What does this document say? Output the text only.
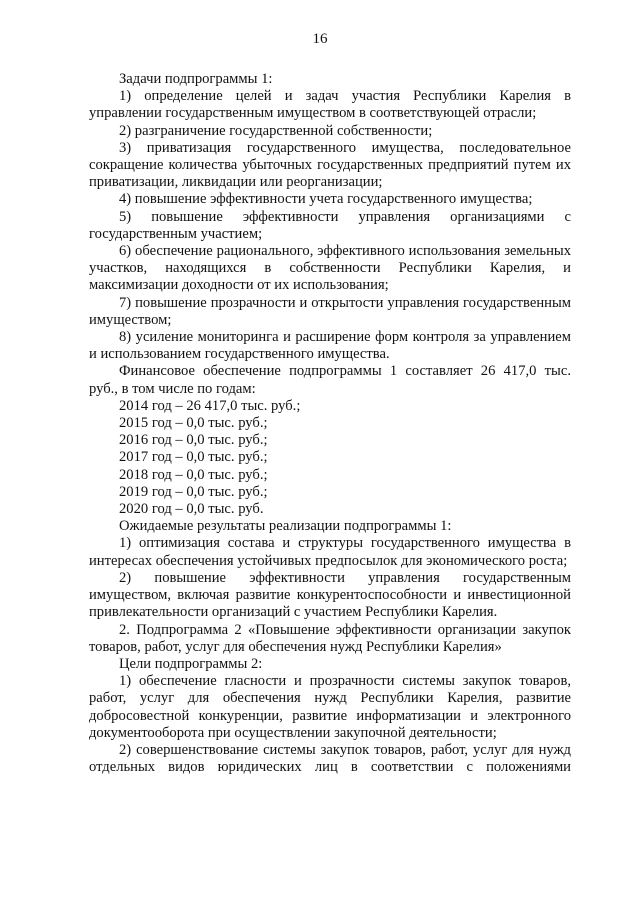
16

Задачи подпрограммы 1:

1) определение целей и задач участия Республики Карелия в управлении государственным имуществом в соответствующей отрасли;

2) разграничение государственной собственности;

3) приватизация государственного имущества, последовательное сокращение количества убыточных государственных предприятий путем их приватизации, ликвидации или реорганизации;

4) повышение эффективности учета государственного имущества;

5) повышение эффективности управления организациями с государственным участием;

6) обеспечение рационального, эффективного использования земельных участков, находящихся в собственности Республики Карелия, и максимизации доходности от их использования;

7) повышение прозрачности и открытости управления государственным имуществом;

8) усиление мониторинга и расширение форм контроля за управлением и использованием государственного имущества.

Финансовое обеспечение подпрограммы 1 составляет 26 417,0 тыс. руб., в том числе по годам:

2014 год – 26 417,0 тыс. руб.;

2015 год – 0,0 тыс. руб.;

2016 год – 0,0 тыс. руб.;

2017 год – 0,0 тыс. руб.;

2018 год – 0,0 тыс. руб.;

2019 год – 0,0 тыс. руб.;

2020 год – 0,0 тыс. руб.

Ожидаемые результаты реализации подпрограммы 1:

1) оптимизация состава и структуры государственного имущества в интересах обеспечения устойчивых предпосылок для экономического роста;

2) повышение эффективности управления государственным имуществом, включая развитие конкурентоспособности и инвестиционной привлекательности организаций с участием Республики Карелия.

2. Подпрограмма 2 «Повышение эффективности организации закупок товаров, работ, услуг для обеспечения нужд Республики Карелия»

Цели подпрограммы 2:

1) обеспечение гласности и прозрачности системы закупок товаров, работ, услуг для обеспечения нужд Республики Карелия, развитие добросовестной конкуренции, развитие информатизации и электронного документооборота при осуществлении закупочной деятельности;

2) совершенствование системы закупок товаров, работ, услуг для нужд отдельных видов юридических лиц в соответствии с положениями
